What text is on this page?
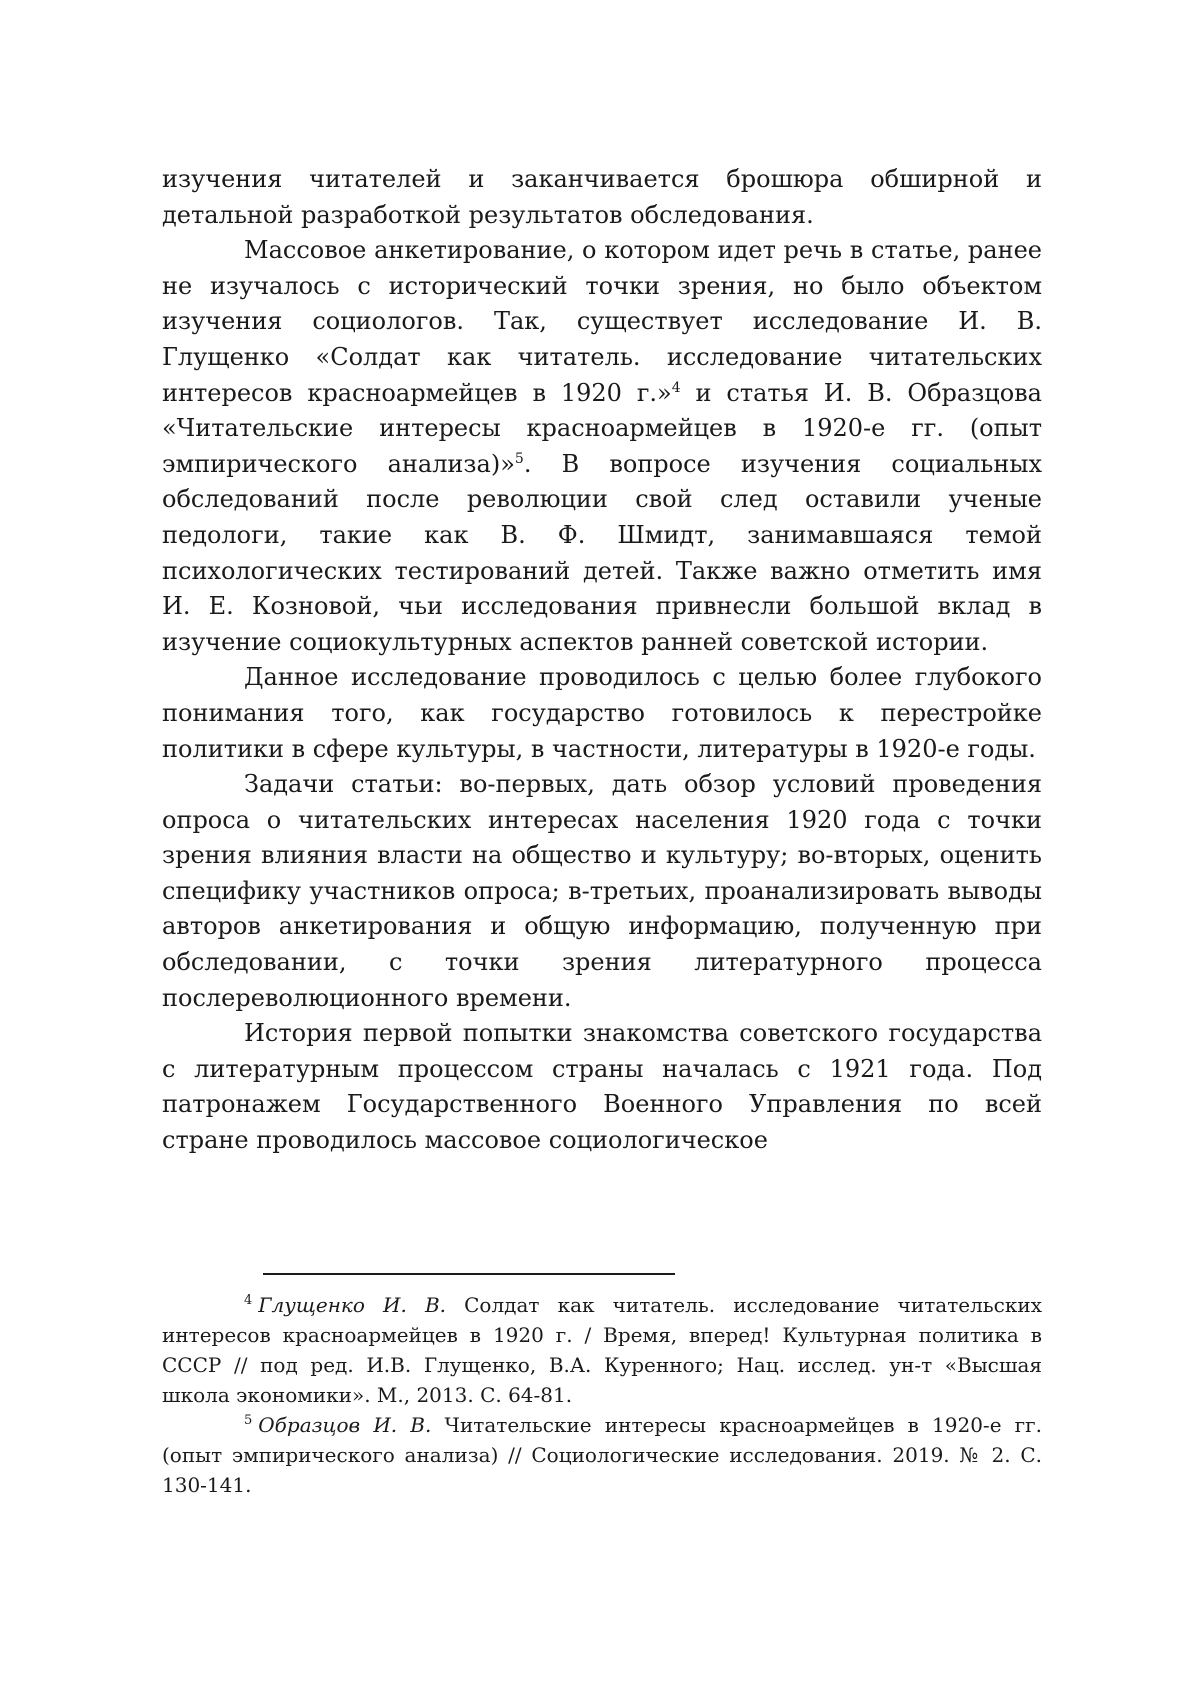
изучения читателей и заканчивается брошюра обширной и детальной разработкой результатов обследования.

Массовое анкетирование, о котором идет речь в статье, ранее не изучалось с исторический точки зрения, но было объектом изучения социологов. Так, существует исследование И. В. Глущенко «Солдат как читатель. исследование читательских интересов красноармейцев в 1920 г.»$^4$ и статья И. В. Образцова «Читательские интересы красноармейцев в 1920-е гг. (опыт эмпирического анализа)»$^5$. В вопросе изучения социальных обследований после революции свой след оставили ученые педологи, такие как В. Ф. Шмидт, занимавшаяся темой психологических тестирований детей. Также важно отметить имя И. Е. Козновой, чьи исследования привнесли большой вклад в изучение социокультурных аспектов ранней советской истории.

Данное исследование проводилось с целью более глубокого понимания того, как государство готовилось к перестройке политики в сфере культуры, в частности, литературы в 1920-е годы.

Задачи статьи: во-первых, дать обзор условий проведения опроса о читательских интересах населения 1920 года с точки зрения влияния власти на общество и культуру; во-вторых, оценить специфику участников опроса; в-третьих, проанализировать выводы авторов анкетирования и общую информацию, полученную при обследовании, с точки зрения литературного процесса послереволюционного времени.

История первой попытки знакомства советского государства с литературным процессом страны началась с 1921 года. Под патронажем Государственного Военного Управления по всей стране проводилось массовое социологическое

$^4$ Глущенко И. В. Солдат как читатель. исследование читательских интересов красноармейцев в 1920 г. / Время, вперед! Культурная политика в СССР // под ред. И.В. Глущенко, В.А. Куренного; Нац. исслед. ун-т «Высшая школа экономики». М., 2013. С. 64-81.

$^5$ Образцов И. В. Читательские интересы красноармейцев в 1920-е гг. (опыт эмпирического анализа) // Социологические исследования. 2019. № 2. С. 130-141.
